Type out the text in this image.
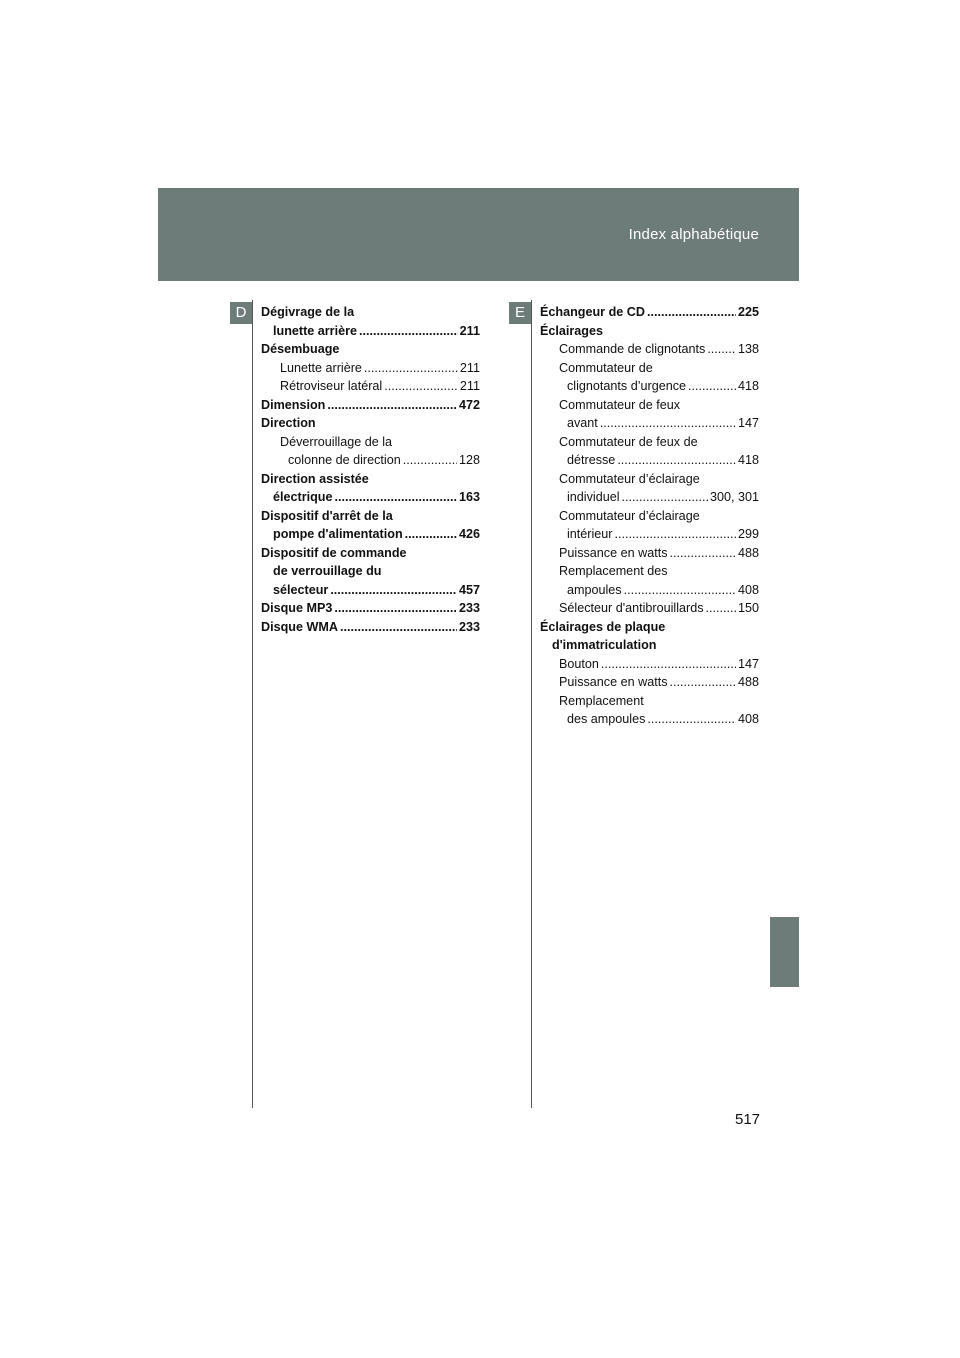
Index alphabétique
D	E
Dégivrage de la
lunette arrière .....	211
Désembuage
Lunette arrière .....	211
Rétroviseur latéral .....	211
Dimension .....	472
Direction
Déverrouillage de la
colonne de direction .....	128
Direction assistée
électrique .....	163
Dispositif d'arrêt de la
pompe d'alimentation .....	426
Dispositif de commande
de verrouillage du
sélecteur .....	457
Disque MP3 .....	233
Disque WMA .....	233
Échangeur de CD .....	225
Éclairages
Commande de clignotants .....	138
Commutateur de
clignotants d’urgence .....	418
Commutateur de feux
avant .....	147
Commutateur de feux de
détresse .....	418
Commutateur d’éclairage
individuel .....	300, 301
Commutateur d’éclairage
intérieur .....	299
Puissance en watts .....	488
Remplacement des
ampoules .....	408
Sélecteur d'antibrouillards .....	150
Éclairages de plaque
d'immatriculation
Bouton .....	147
Puissance en watts .....	488
Remplacement
des ampoules .....	408
517
